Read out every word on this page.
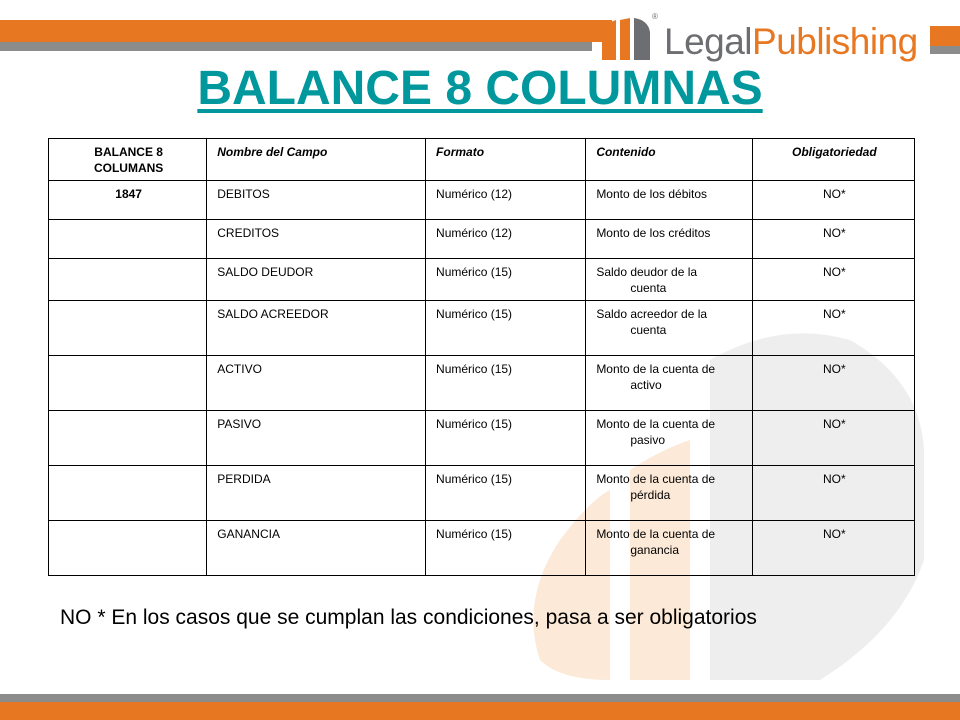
®
LegalPublishing
BALANCE 8 COLUMNAS
BALANCE 8 COLUMANS	Nombre del Campo	Formato	Contenido	Obligatoriedad
1847	DEBITOS	Numérico (12)	Monto de los débitos	NO*
	CREDITOS	Numérico (12)	Monto de los créditos	NO*
	SALDO DEUDOR	Numérico (15)	Saldo deudor de la
cuenta	NO*
	SALDO ACREEDOR	Numérico (15)	Saldo acreedor de la
cuenta	NO*
	ACTIVO	Numérico (15)	Monto de la cuenta de
activo	NO*
	PASIVO	Numérico (15)	Monto de la cuenta de
pasivo	NO*
	PERDIDA	Numérico (15)	Monto de la cuenta de
pérdida	NO*
	GANANCIA	Numérico (15)	Monto de la cuenta de
ganancia	NO*
NO * En los casos que se cumplan las condiciones, pasa a ser obligatorios
